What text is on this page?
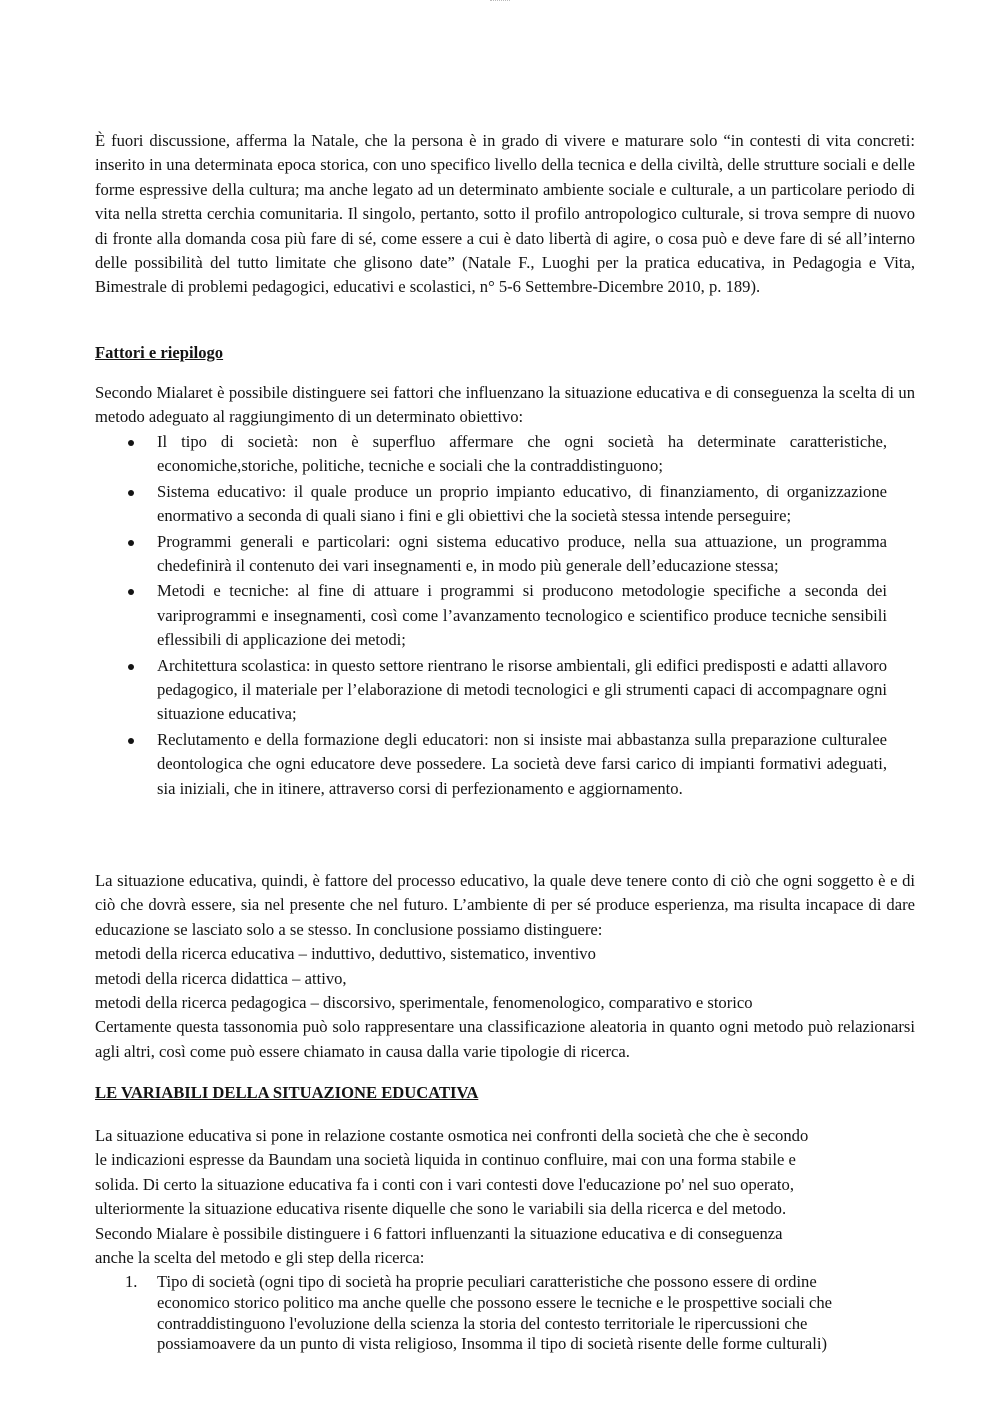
È fuori discussione, afferma la Natale, che la persona è in grado di vivere e maturare solo “in contesti di vita concreti: inserito in una determinata epoca storica, con uno specifico livello della tecnica e della civiltà, delle strutture sociali e delle forme espressive della cultura; ma anche legato ad un determinato ambiente sociale e culturale, a un particolare periodo di vita nella stretta cerchia comunitaria. Il singolo, pertanto, sotto il profilo antropologico culturale, si trova sempre di nuovo di fronte alla domanda cosa più fare di sé, come essere a cui è dato libertà di agire, o cosa può e deve fare di sé all’interno delle possibilità del tutto limitate che glisono date” (Natale F., Luoghi per la pratica educativa, in Pedagogia e Vita, Bimestrale di problemi pedagogici, educativi e scolastici, n° 5-6 Settembre-Dicembre 2010, p. 189).

Fattori e riepilogo

Secondo Mialaret è possibile distinguere sei fattori che influenzano la situazione educativa e di conseguenza la scelta di un metodo adeguato al raggiungimento di un determinato obiettivo:

Il tipo di società: non è superfluo affermare che ogni società ha determinate caratteristiche, economiche,storiche, politiche, tecniche e sociali che la contraddistinguono;
Sistema educativo: il quale produce un proprio impianto educativo, di finanziamento, di organizzazione enormativo a seconda di quali siano i fini e gli obiettivi che la società stessa intende perseguire;
Programmi generali e particolari: ogni sistema educativo produce, nella sua attuazione, un programma chedefinirà il contenuto dei vari insegnamenti e, in modo più generale dell’educazione stessa;
Metodi e tecniche: al fine di attuare i programmi si producono metodologie specifiche a seconda dei variprogrammi e insegnamenti, così come l’avanzamento tecnologico e scientifico produce tecniche sensibili eflessibili di applicazione dei metodi;
Architettura scolastica: in questo settore rientrano le risorse ambientali, gli edifici predisposti e adatti allavoro pedagogico, il materiale per l’elaborazione di metodi tecnologici e gli strumenti capaci di accompagnare ogni situazione educativa;
Reclutamento e della formazione degli educatori: non si insiste mai abbastanza sulla preparazione culturalee deontologica che ogni educatore deve possedere. La società deve farsi carico di impianti formativi adeguati, sia iniziali, che in itinere, attraverso corsi di perfezionamento e aggiornamento.

La situazione educativa, quindi, è fattore del processo educativo, la quale deve tenere conto di ciò che ogni soggetto è e di ciò che dovrà essere, sia nel presente che nel futuro. L’ambiente di per sé produce esperienza, ma risulta incapace di dare educazione se lasciato solo a se stesso. In conclusione possiamo distinguere:

metodi della ricerca educativa – induttivo, deduttivo, sistematico, inventivo

metodi della ricerca didattica – attivo,

metodi della ricerca pedagogica – discorsivo, sperimentale, fenomenologico, comparativo e storico

Certamente questa tassonomia può solo rappresentare una classificazione aleatoria in quanto ogni metodo può relazionarsi agli altri, così come può essere chiamato in causa dalla varie tipologie di ricerca.

LE VARIABILI DELLA SITUAZIONE EDUCATIVA

La situazione educativa si pone in relazione costante osmotica nei confronti della società che che è secondo

le indicazioni espresse da Baundam una società liquida in continuo confluire, mai con una forma stabile e

solida. Di certo la situazione educativa fa i conti con i vari contesti dove l'educazione po' nel suo operato,

ulteriormente la situazione educativa risente diquelle che sono le variabili sia della ricerca e del metodo.

Secondo Mialare è possibile distinguere i 6 fattori influenzanti la situazione educativa e di conseguenza

anche la scelta del metodo e gli step della ricerca:

1. Tipo di società (ogni tipo di società ha proprie peculiari caratteristiche che possono essere di ordine
economico storico politico ma anche quelle che possono essere le tecniche e le prospettive sociali che
contraddistinguono l'evoluzione della scienza la storia del contesto territoriale le ripercussioni che
possiamoavere da un punto di vista religioso, Insomma il tipo di società risente delle forme culturali)
